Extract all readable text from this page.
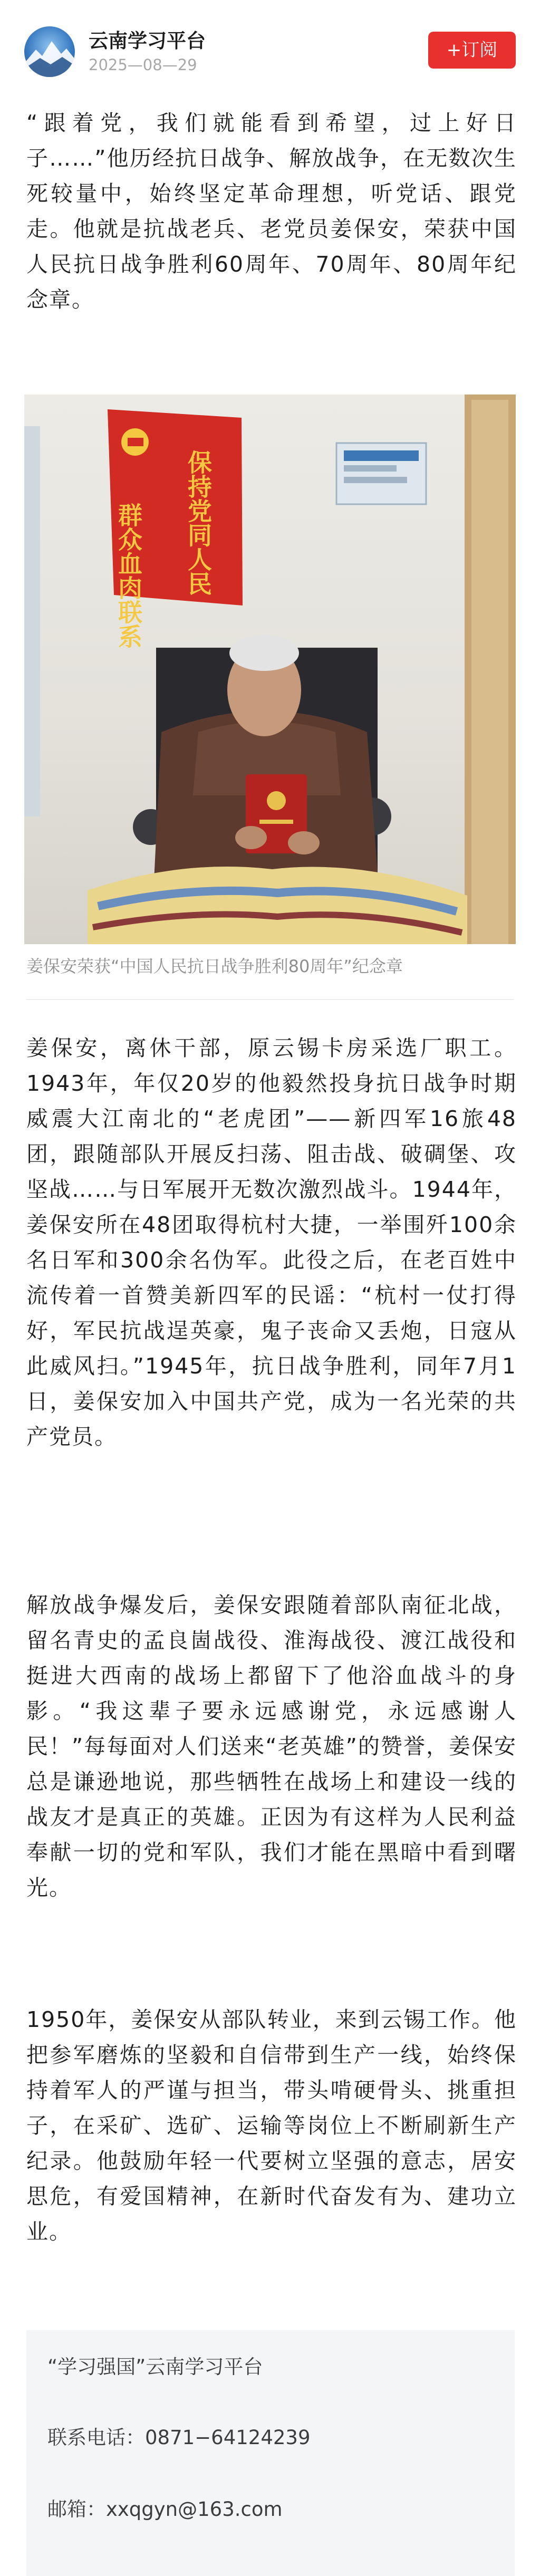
云南学习平台
2025—08—29
+订阅

“跟着党，我们就能看到希望，过上好日子……”他历经抗日战争、解放战争，在无数次生死较量中，始终坚定革命理想，听党话、跟党走。他就是抗战老兵、老党员姜保安，荣获中国人民抗日战争胜利60周年、70周年、80周年纪念章。

群众血肉联系 保持党同人民
姜保安荣获“中国人民抗日战争胜利80周年”纪念章

姜保安，离休干部，原云锡卡房采选厂职工。1943年，年仅20岁的他毅然投身抗日战争时期威震大江南北的“老虎团”——新四军16旅48团，跟随部队开展反扫荡、阻击战、破碉堡、攻坚战……与日军展开无数次激烈战斗。1944年，姜保安所在48团取得杭村大捷，一举围歼100余名日军和300余名伪军。此役之后，在老百姓中流传着一首赞美新四军的民谣：“杭村一仗打得好，军民抗战逞英豪，鬼子丧命又丢炮，日寇从此威风扫。”1945年，抗日战争胜利，同年7月1日，姜保安加入中国共产党，成为一名光荣的共产党员。

解放战争爆发后，姜保安跟随着部队南征北战，留名青史的孟良崮战役、淮海战役、渡江战役和挺进大西南的战场上都留下了他浴血战斗的身影。“我这辈子要永远感谢党，永远感谢人民！”每每面对人们送来“老英雄”的赞誉，姜保安总是谦逊地说，那些牺牲在战场上和建设一线的战友才是真正的英雄。正因为有这样为人民利益奉献一切的党和军队，我们才能在黑暗中看到曙光。

1950年，姜保安从部队转业，来到云锡工作。他把参军磨炼的坚毅和自信带到生产一线，始终保持着军人的严谨与担当，带头啃硬骨头、挑重担子，在采矿、选矿、运输等岗位上不断刷新生产纪录。他鼓励年轻一代要树立坚强的意志，居安思危，有爱国精神，在新时代奋发有为、建功立业。

“学习强国”云南学习平台
联系电话：0871−64124239
邮箱：xxqgyn@163.com
